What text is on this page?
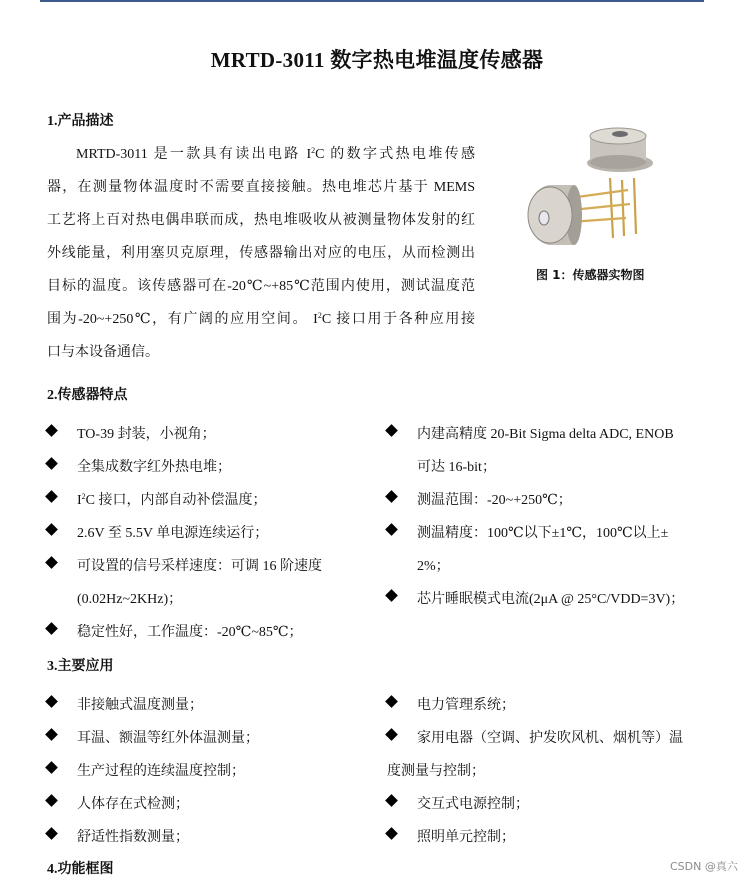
MRTD-3011 数字热电堆温度传感器
1.产品描述
MRTD-3011 是一款具有读出电路 $I^2C$ 的数字式热电堆传感
器，在测量物体温度时不需要直接接触。热电堆芯片基于 MEMS
工艺将上百对热电偶串联而成，热电堆吸收从被测量物体发射的红
外线能量，利用塞贝克原理，传感器输出对应的电压，从而检测出
目标的温度。该传感器可在-20℃~+85℃范围内使用，测试温度范
围为-20~+250℃，有广阔的应用空间。 $I^2C$ 接口用于各种应用接
口与本设备通信。
图 1：传感器实物图
2.传感器特点
TO-39 封装，小视角；
全集成数字红外热电堆；
$I^2C$ 接口，内部自动补偿温度；
2.6V 至 5.5V 单电源连续运行；
可设置的信号采样速度：可调 16 阶速度
(0.02Hz~2KHz)；
稳定性好，工作温度：-20℃~85℃；
内建高精度 20-Bit Sigma delta ADC, ENOB
可达 16-bit；
测温范围：-20~+250℃；
测温精度：100℃以下±1℃，100℃以上±
2%；
芯片睡眠模式电流(2μA @ 25°C/VDD=3V)；
3.主要应用
非接触式温度测量；
耳温、额温等红外体温测量；
生产过程的连续温度控制；
人体存在式检测；
舒适性指数测量；
电力管理系统；
家用电器（空调、护发吹风机、烟机等）温
度测量与控制；
交互式电源控制；
照明单元控制；
4.功能框图	CSDN @真六
